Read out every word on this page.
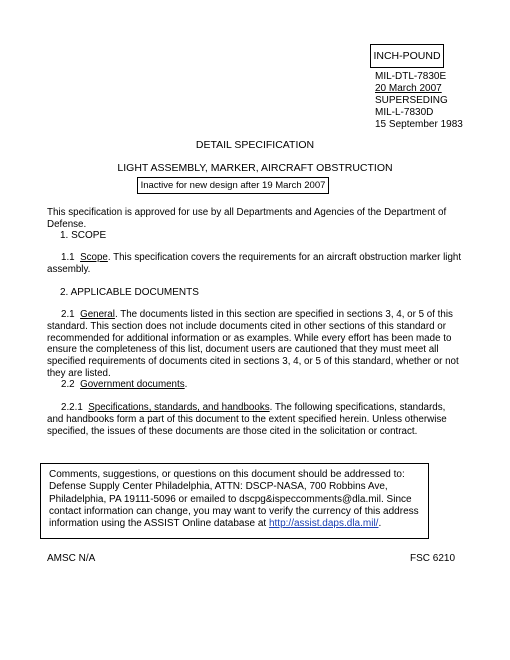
INCH-POUND
MIL-DTL-7830E
20 March 2007
SUPERSEDING
MIL-L-7830D
15 September 1983
DETAIL SPECIFICATION
LIGHT ASSEMBLY, MARKER, AIRCRAFT OBSTRUCTION
Inactive for new design after 19 March 2007
This specification is approved for use by all Departments and Agencies of the Department of Defense.
1. SCOPE
1.1 Scope. This specification covers the requirements for an aircraft obstruction marker light assembly.
2. APPLICABLE DOCUMENTS
2.1 General. The documents listed in this section are specified in sections 3, 4, or 5 of this standard. This section does not include documents cited in other sections of this standard or recommended for additional information or as examples. While every effort has been made to ensure the completeness of this list, document users are cautioned that they must meet all specified requirements of documents cited in sections 3, 4, or 5 of this standard, whether or not they are listed.
2.2 Government documents.
2.2.1 Specifications, standards, and handbooks. The following specifications, standards, and handbooks form a part of this document to the extent specified herein. Unless otherwise specified, the issues of these documents are those cited in the solicitation or contract.
Comments, suggestions, or questions on this document should be addressed to: Defense Supply Center Philadelphia, ATTN: DSCP-NASA, 700 Robbins Ave, Philadelphia, PA 19111-5096 or emailed to dscpg&ispeccomments@dla.mil. Since contact information can change, you may want to verify the currency of this address information using the ASSIST Online database at http://assist.daps.dla.mil/.
AMSC N/A	FSC 6210
